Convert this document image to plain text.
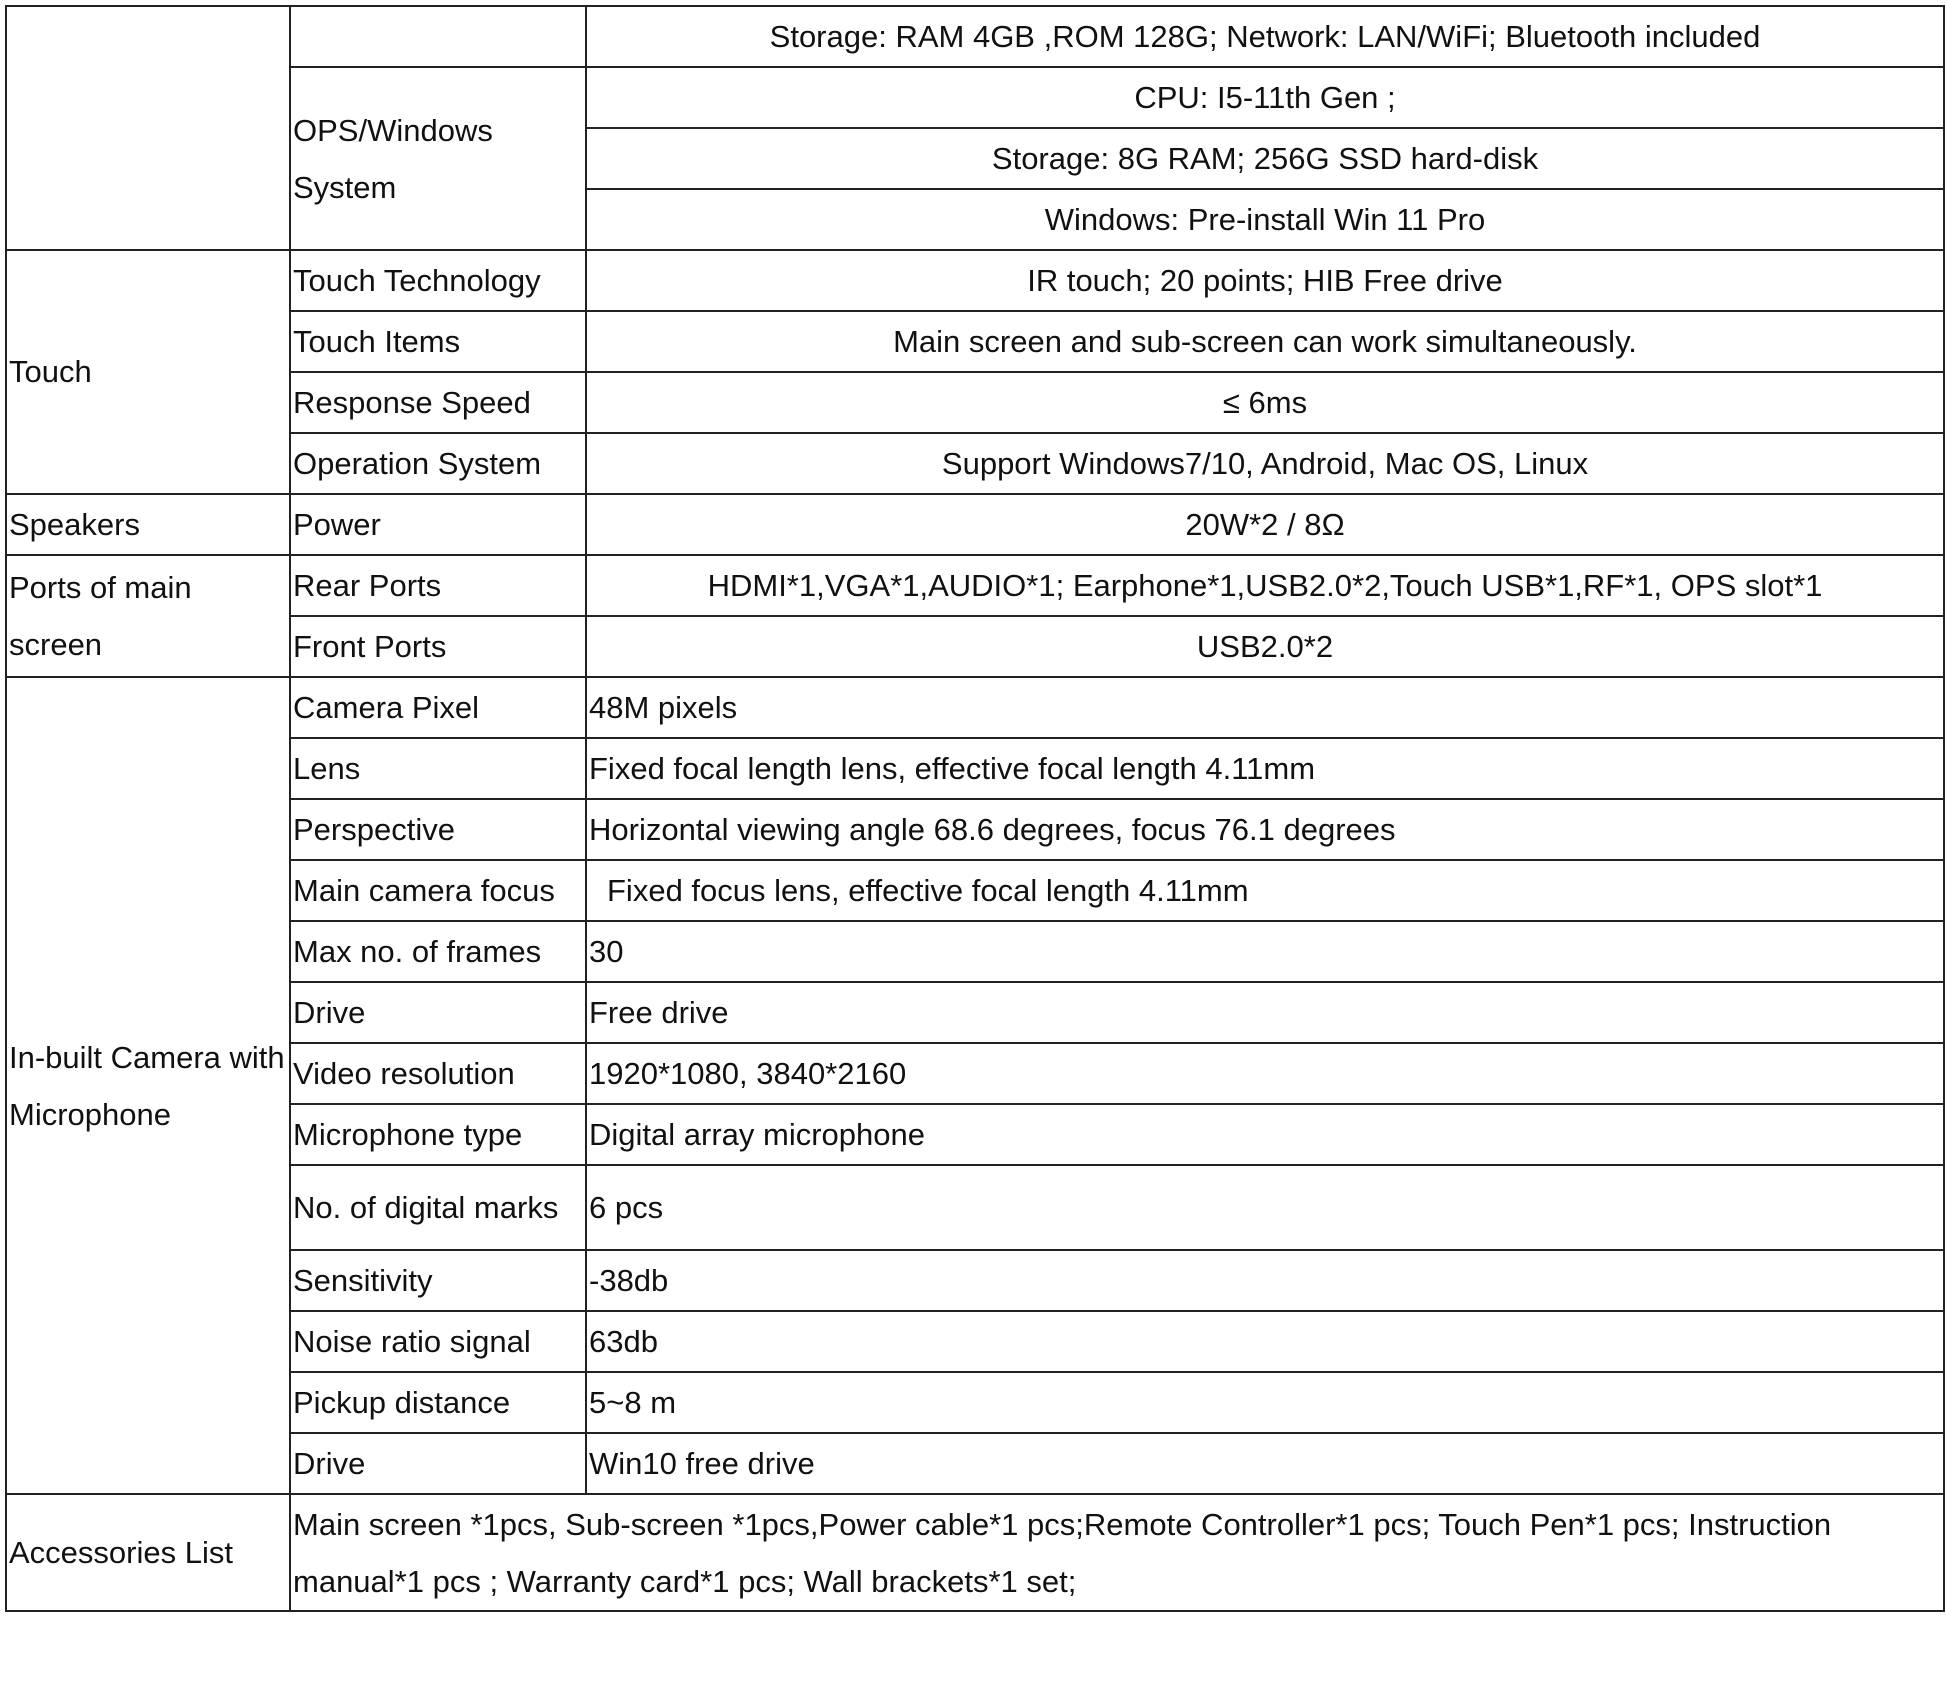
		Storage: RAM 4GB ,ROM 128G; Network: LAN/WiFi; Bluetooth included
	OPS/Windows System	CPU: I5-11th Gen ;
		Storage: 8G RAM; 256G SSD hard-disk
		Windows: Pre-install Win 11 Pro
Touch	Touch Technology	IR touch; 20 points; HIB Free drive
	Touch Items	Main screen and sub-screen can work simultaneously.
	Response Speed	≤ 6ms
	Operation System	Support Windows7/10, Android, Mac OS, Linux
Speakers	Power	20W*2 / 8Ω
Ports of main screen	Rear Ports	HDMI*1,VGA*1,AUDIO*1; Earphone*1,USB2.0*2,Touch USB*1,RF*1, OPS slot*1
	Front Ports	USB2.0*2
In-built Camera with Microphone	Camera Pixel	48M pixels
	Lens	Fixed focal length lens, effective focal length 4.11mm
	Perspective	Horizontal viewing angle 68.6 degrees, focus 76.1 degrees
	Main camera focus	Fixed focus lens, effective focal length 4.11mm
	Max no. of frames	30
	Drive	Free drive
	Video resolution	1920*1080, 3840*2160
	Microphone type	Digital array microphone
	No. of digital marks	6 pcs
	Sensitivity	-38db
	Noise ratio signal	63db
	Pickup distance	5~8 m
	Drive	Win10 free drive
Accessories List	Main screen *1pcs, Sub-screen *1pcs,Power cable*1 pcs;Remote Controller*1 pcs; Touch Pen*1 pcs; Instruction manual*1 pcs ; Warranty card*1 pcs; Wall brackets*1 set;	
